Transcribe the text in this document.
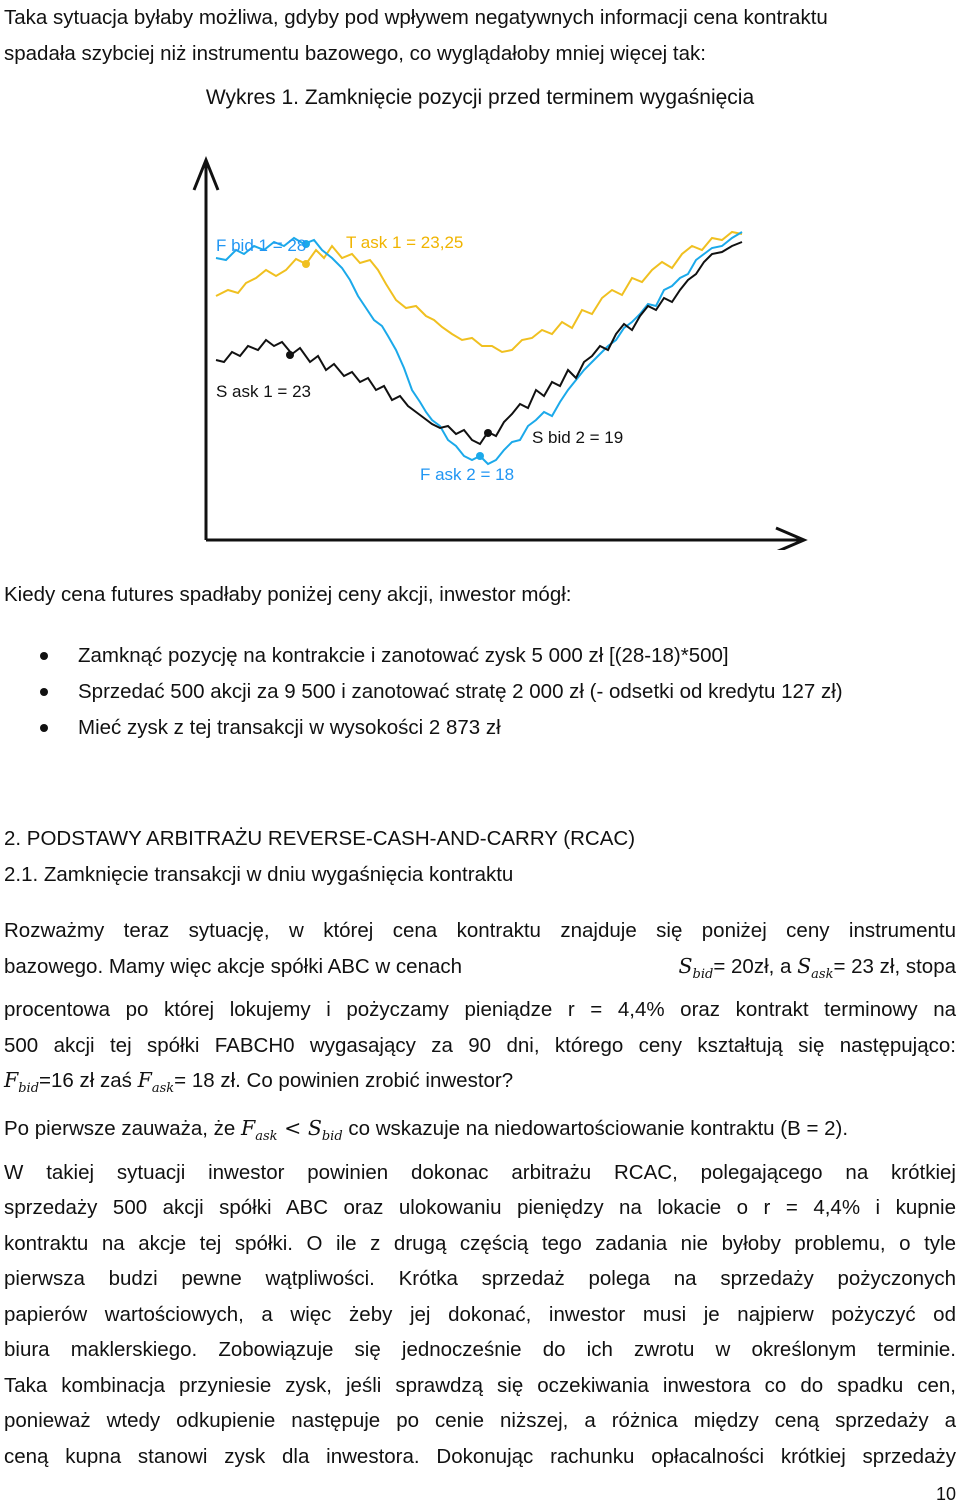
Taka sytuacja byłaby możliwa, gdyby pod wpływem negatywnych informacji cena kontraktu
spadała szybciej niż instrumentu bazowego, co wyglądałoby mniej więcej tak:
Wykres 1. Zamknięcie pozycji przed terminem wygaśnięcia
F bid 1 = 28 T ask 1 = 23,25
S ask 1 = 23
S bid 2 = 19
F ask 2 = 18
Kiedy cena futures spadłaby poniżej ceny akcji, inwestor mógł:
Zamknąć pozycję na kontrakcie i zanotować zysk 5 000 zł [(28-18)*500]
Sprzedać 500 akcji za 9 500 i zanotować stratę 2 000 zł (- odsetki od kredytu 127 zł)
Mieć zysk z tej transakcji w wysokości 2 873 zł
2. PODSTAWY ARBITRAŻU REVERSE-CASH-AND-CARRY (RCAC)
2.1. Zamknięcie transakcji w dniu wygaśnięcia kontraktu
Rozważmy teraz sytuację, w której cena kontraktu znajduje się poniżej ceny instrumentu
bazowego. Mamy więc akcje spółki ABC w cenach	$S_{bid}=$ 20zł, a $S_{ask}= 23$ zł, stopa
procentowa po której lokujemy i pożyczamy pieniądze r = 4,4% oraz kontrakt terminowy na
500 akcji tej spółki FABCH0 wygasający za 90 dni, którego ceny kształtują się następująco:
$F_{bid}=16$ zł zaś $F_{ask}= 18$ zł. Co powinien zrobić inwestor?
Po pierwsze zauważa, że $F_{ask} < S_{bid}$ co wskazuje na niedowartościowanie kontraktu (B = 2).
W takiej sytuacji inwestor powinien dokonac arbitrażu RCAC, polegającego na krótkiej
sprzedaży 500 akcji spółki ABC oraz ulokowaniu pieniędzy na lokacie o r = 4,4% i kupnie
kontraktu na akcje tej spółki. O ile z drugą częścią tego zadania nie byłoby problemu, o tyle
pierwsza budzi pewne wątpliwości. Krótka sprzedaż polega na sprzedaży pożyczonych
papierów wartościowych, a więc żeby jej dokonać, inwestor musi je najpierw pożyczyć od
biura maklerskiego. Zobowiązuje się jednocześnie do ich zwrotu w określonym terminie.
Taka kombinacja przyniesie zysk, jeśli sprawdzą się oczekiwania inwestora co do spadku cen,
ponieważ wtedy odkupienie następuje po cenie niższej, a różnica między ceną sprzedaży a
ceną kupna stanowi zysk dla inwestora. Dokonując rachunku opłacalności krótkiej sprzedaży
10
